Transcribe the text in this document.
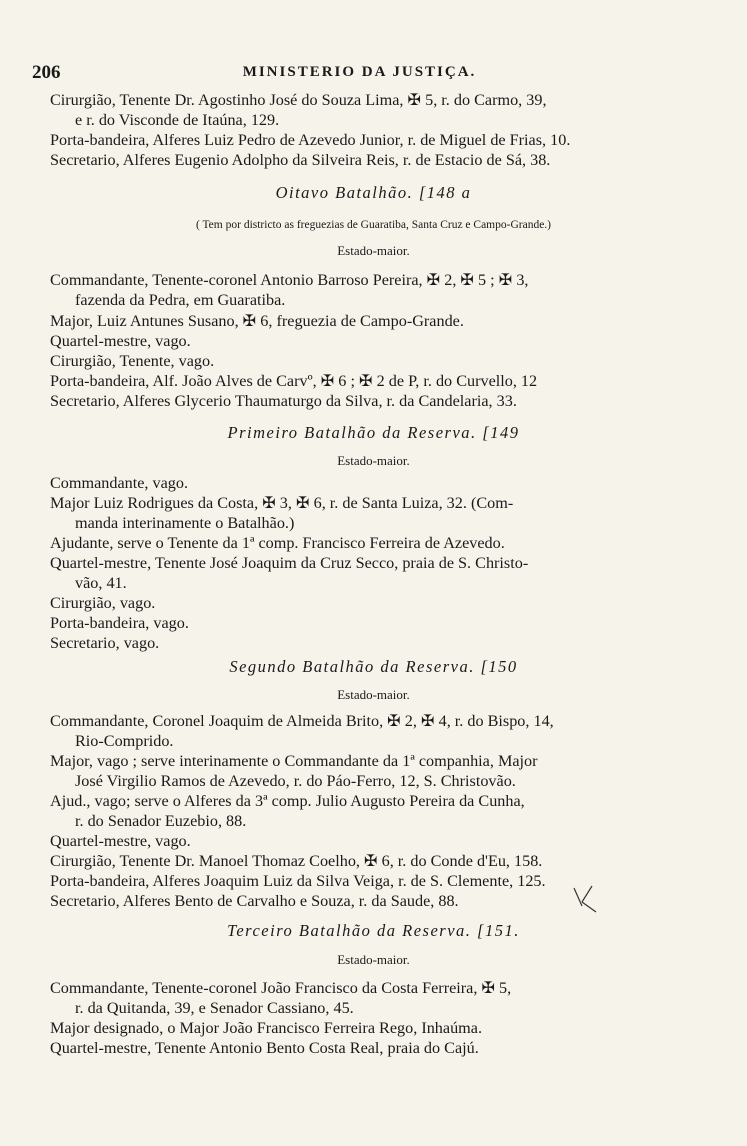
206	MINISTERIO DA JUSTIÇA.
Cirurgião, Tenente Dr. Agostinho José do Souza Lima, ✠ 5, r. do Carmo, 39,
e r. do Visconde de Itaúna, 129.
Porta-bandeira, Alferes Luiz Pedro de Azevedo Junior, r. de Miguel de Frias, 10.
Secretario, Alferes Eugenio Adolpho da Silveira Reis, r. de Estacio de Sá, 38.
Oitavo Batalhão. [148 a
( Tem por districto as freguezias de Guaratiba, Santa Cruz e Campo-Grande.)
Estado-maior.
Commandante, Tenente-coronel Antonio Barroso Pereira, ✠ 2, ✠ 5 ; ✠ 3,
fazenda da Pedra, em Guaratiba.
Major, Luiz Antunes Susano, ✠ 6, freguezia de Campo-Grande.
Quartel-mestre, vago.
Cirurgião, Tenente, vago.
Porta-bandeira, Alf. João Alves de Carvº, ✠ 6 ; ✠ 2 de P, r. do Curvello, 12
Secretario, Alferes Glycerio Thaumaturgo da Silva, r. da Candelaria, 33.
Primeiro Batalhão da Reserva. [149
Estado-maior.
Commandante, vago.
Major Luiz Rodrigues da Costa, ✠ 3, ✠ 6, r. de Santa Luiza, 32. (Com-
manda interinamente o Batalhão.)
Ajudante, serve o Tenente da 1ª comp. Francisco Ferreira de Azevedo.
Quartel-mestre, Tenente José Joaquim da Cruz Secco, praia de S. Christo-
vão, 41.
Cirurgião, vago.
Porta-bandeira, vago.
Secretario, vago.
Segundo Batalhão da Reserva. [150
Estado-maior.
Commandante, Coronel Joaquim de Almeida Brito, ✠ 2, ✠ 4, r. do Bispo, 14,
Rio-Comprido.
Major, vago ; serve interinamente o Commandante da 1ª companhia, Major
José Virgilio Ramos de Azevedo, r. do Páo-Ferro, 12, S. Christovão.
Ajud., vago; serve o Alferes da 3ª comp. Julio Augusto Pereira da Cunha,
r. do Senador Euzebio, 88.
Quartel-mestre, vago.
Cirurgião, Tenente Dr. Manoel Thomaz Coelho, ✠ 6, r. do Conde d'Eu, 158.
Porta-bandeira, Alferes Joaquim Luiz da Silva Veiga, r. de S. Clemente, 125.
Secretario, Alferes Bento de Carvalho e Souza, r. da Saude, 88.
Terceiro Batalhão da Reserva. [151.
Estado-maior.
Commandante, Tenente-coronel João Francisco da Costa Ferreira, ✠ 5,
r. da Quitanda, 39, e Senador Cassiano, 45.
Major designado, o Major João Francisco Ferreira Rego, Inhaúma.
Quartel-mestre, Tenente Antonio Bento Costa Real, praia do Cajú.
